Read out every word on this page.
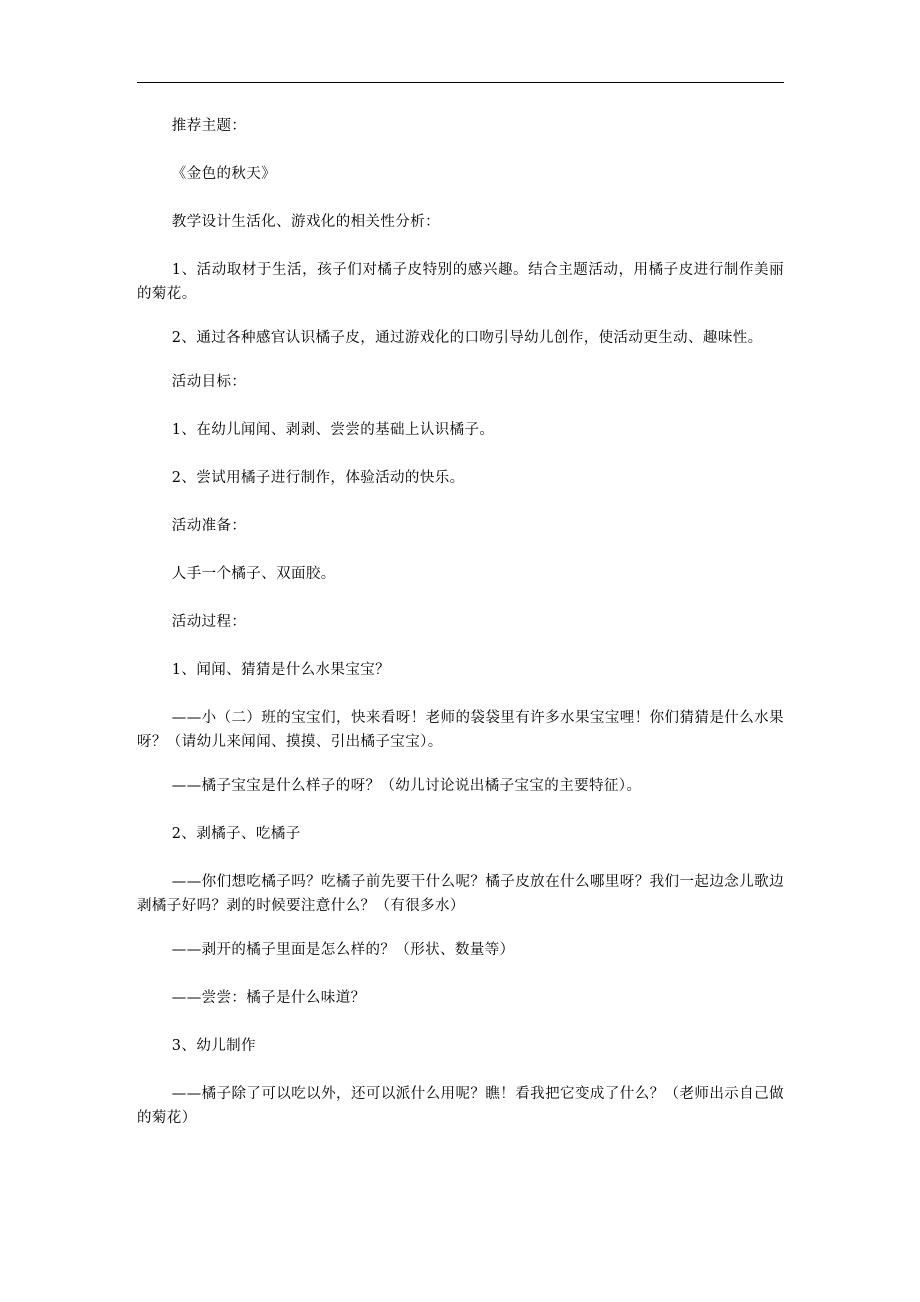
推荐主题：

《金色的秋天》

教学设计生活化、游戏化的相关性分析：

1、活动取材于生活，孩子们对橘子皮特别的感兴趣。结合主题活动，用橘子皮进行制作美丽的菊花。

2、通过各种感官认识橘子皮，通过游戏化的口吻引导幼儿创作，使活动更生动、趣味性。

活动目标：

1、在幼儿闻闻、剥剥、尝尝的基础上认识橘子。

2、尝试用橘子进行制作，体验活动的快乐。

活动准备：

人手一个橘子、双面胶。

活动过程：

1、闻闻、猜猜是什么水果宝宝？

——小（二）班的宝宝们，快来看呀！老师的袋袋里有许多水果宝宝哩！你们猜猜是什么水果呀？（请幼儿来闻闻、摸摸、引出橘子宝宝）。

——橘子宝宝是什么样子的呀？（幼儿讨论说出橘子宝宝的主要特征）。

2、剥橘子、吃橘子

——你们想吃橘子吗？吃橘子前先要干什么呢？橘子皮放在什么哪里呀？我们一起边念儿歌边剥橘子好吗？剥的时候要注意什么？（有很多水）

——剥开的橘子里面是怎么样的？（形状、数量等）

——尝尝：橘子是什么味道？

3、幼儿制作

——橘子除了可以吃以外，还可以派什么用呢？瞧！看我把它变成了什么？（老师出示自己做的菊花）
